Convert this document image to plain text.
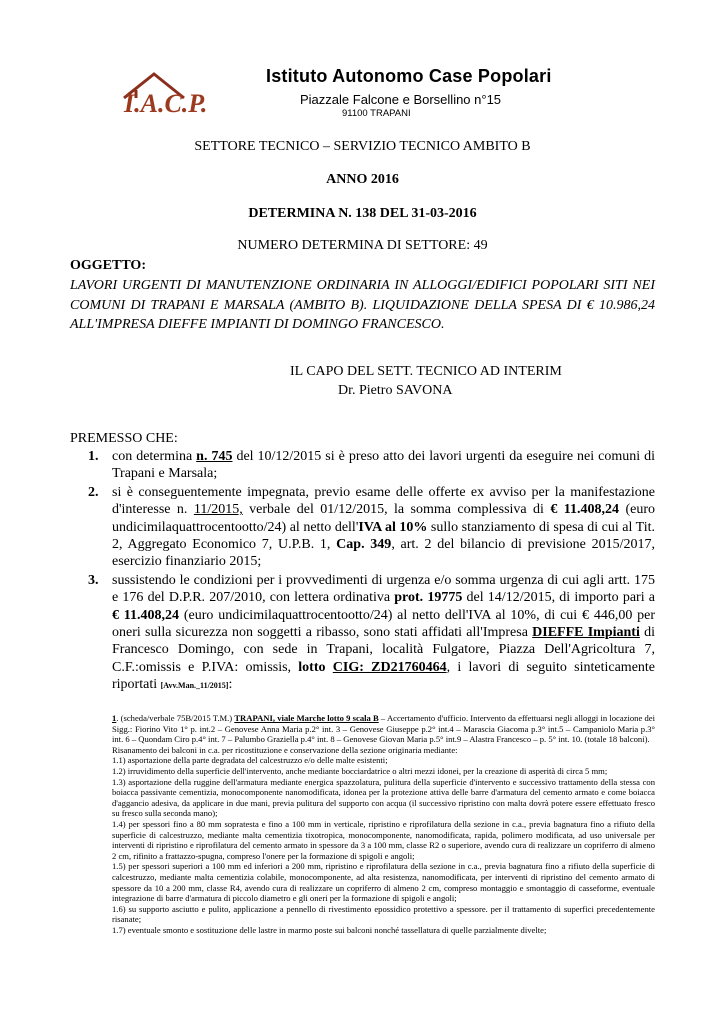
I.A.C.P.
Istituto Autonomo Case Popolari
Piazzale Falcone e Borsellino n°15
91100 TRAPANI
SETTORE TECNICO – SERVIZIO TECNICO AMBITO B
ANNO 2016
DETERMINA N. 138 DEL 31-03-2016
NUMERO DETERMINA DI SETTORE: 49
OGGETTO:
LAVORI URGENTI DI MANUTENZIONE ORDINARIA IN ALLOGGI/EDIFICI POPOLARI SITI NEI COMUNI DI TRAPANI E MARSALA (AMBITO B). LIQUIDAZIONE DELLA SPESA DI € 10.986,24 ALL'IMPRESA DIEFFE IMPIANTI DI DOMINGO FRANCESCO.
IL CAPO DEL SETT. TECNICO AD INTERIM
Dr. Pietro SAVONA
PREMESSO CHE:
1. con determina n. 745 del 10/12/2015 si è preso atto dei lavori urgenti da eseguire nei comuni di Trapani e Marsala;
2. si è conseguentemente impegnata, previo esame delle offerte ex avviso per la manifestazione d'interesse n. 11/2015, verbale del 01/12/2015, la somma complessiva di € 11.408,24 (euro undicimilaquattrocentootto/24) al netto dell'IVA al 10% sullo stanziamento di spesa di cui al Tit. 2, Aggregato Economico 7, U.P.B. 1, Cap. 349, art. 2 del bilancio di previsione 2015/2017, esercizio finanziario 2015;
3. sussistendo le condizioni per i provvedimenti di urgenza e/o somma urgenza di cui agli artt. 175 e 176 del D.P.R. 207/2010, con lettera ordinativa prot. 19775 del 14/12/2015, di importo pari a € 11.408,24 (euro undicimilaquattrocentootto/24) al netto dell'IVA al 10%, di cui € 446,00 per oneri sulla sicurezza non soggetti a ribasso, sono stati affidati all'Impresa DIEFFE Impianti di Francesco Domingo, con sede in Trapani, località Fulgatore, Piazza Dell'Agricoltura 7, C.F.:omissis e P.IVA: omissis, lotto CIG: ZD21760464, i lavori di seguito sinteticamente riportati [Avv.Man._11/2015]:

1. (scheda/verbale 75B/2015 T.M.) TRAPANI, viale Marche lotto 9 scala B – Accertamento d'ufficio. Intervento da effettuarsi negli alloggi in locazione dei Sigg.: Fiorino Vito 1° p. int.2 – Genovese Anna Maria p.2° int. 3 – Genovese Giuseppe p.2° int.4 – Marascia Giacoma p.3° int.5 – Campaniolo Maria p.3° int. 6 – Quondam Ciro p.4° int. 7 – Palumbo Graziella p.4° int. 8 – Genovese Giovan Maria p.5° int.9 – Alastra Francesco – p. 5° int. 10. (totale 18 balconi).

Risanamento dei balconi in c.a. per ricostituzione e conservazione della sezione originaria mediante:

1.1) asportazione della parte degradata del calcestruzzo e/o delle malte esistenti;

1.2) irruvidimento della superficie dell'intervento, anche mediante bocciardatrice o altri mezzi idonei, per la creazione di asperità di circa 5 mm;

1.3) asportazione della ruggine dell'armatura mediante energica spazzolatura, pulitura della superficie d'intervento e successivo trattamento della stessa con boiacca passivante cementizia, monocomponente nanomodificata, idonea per la protezione attiva delle barre d'armatura del cemento armato e come boiacca d'aggancio adesiva, da applicare in due mani, previa pulitura del supporto con acqua (il successivo ripristino con malta dovrà potere essere effettuato fresco su fresco sulla seconda mano);

1.4) per spessori fino a 80 mm sopratesta e fino a 100 mm in verticale, ripristino e riprofilatura della sezione in c.a., previa bagnatura fino a rifiuto della superficie di calcestruzzo, mediante malta cementizia tixotropica, monocomponente, nanomodificata, rapida, polimero modificata, ad uso universale per interventi di ripristino e riprofilatura del cemento armato in spessore da 3 a 100 mm, classe R2 o superiore, avendo cura di realizzare un copriferro di almeno 2 cm, rifinito a frattazzo-spugna, compreso l'onere per la formazione di spigoli e angoli;

1.5) per spessori superiori a 100 mm ed inferiori a 200 mm, ripristino e riprofilatura della sezione in c.a., previa bagnatura fino a rifiuto della superficie di calcestruzzo, mediante malta cementizia colabile, monocomponente, ad alta resistenza, nanomodificata, per interventi di ripristino del cemento armato di spessore da 10 a 200 mm, classe R4, avendo cura di realizzare un copriferro di almeno 2 cm, compreso montaggio e smontaggio di casseforme, eventuale integrazione di barre d'armatura di piccolo diametro e gli oneri per la formazione di spigoli e angoli;

1.6) su supporto asciutto e pulito, applicazione a pennello di rivestimento epossidico protettivo a spessore. per il trattamento di superfici precedentemente risanate;

1.7) eventuale smonto e sostituzione delle lastre in marmo poste sui balconi nonché tassellatura di quelle parzialmente divelte;
